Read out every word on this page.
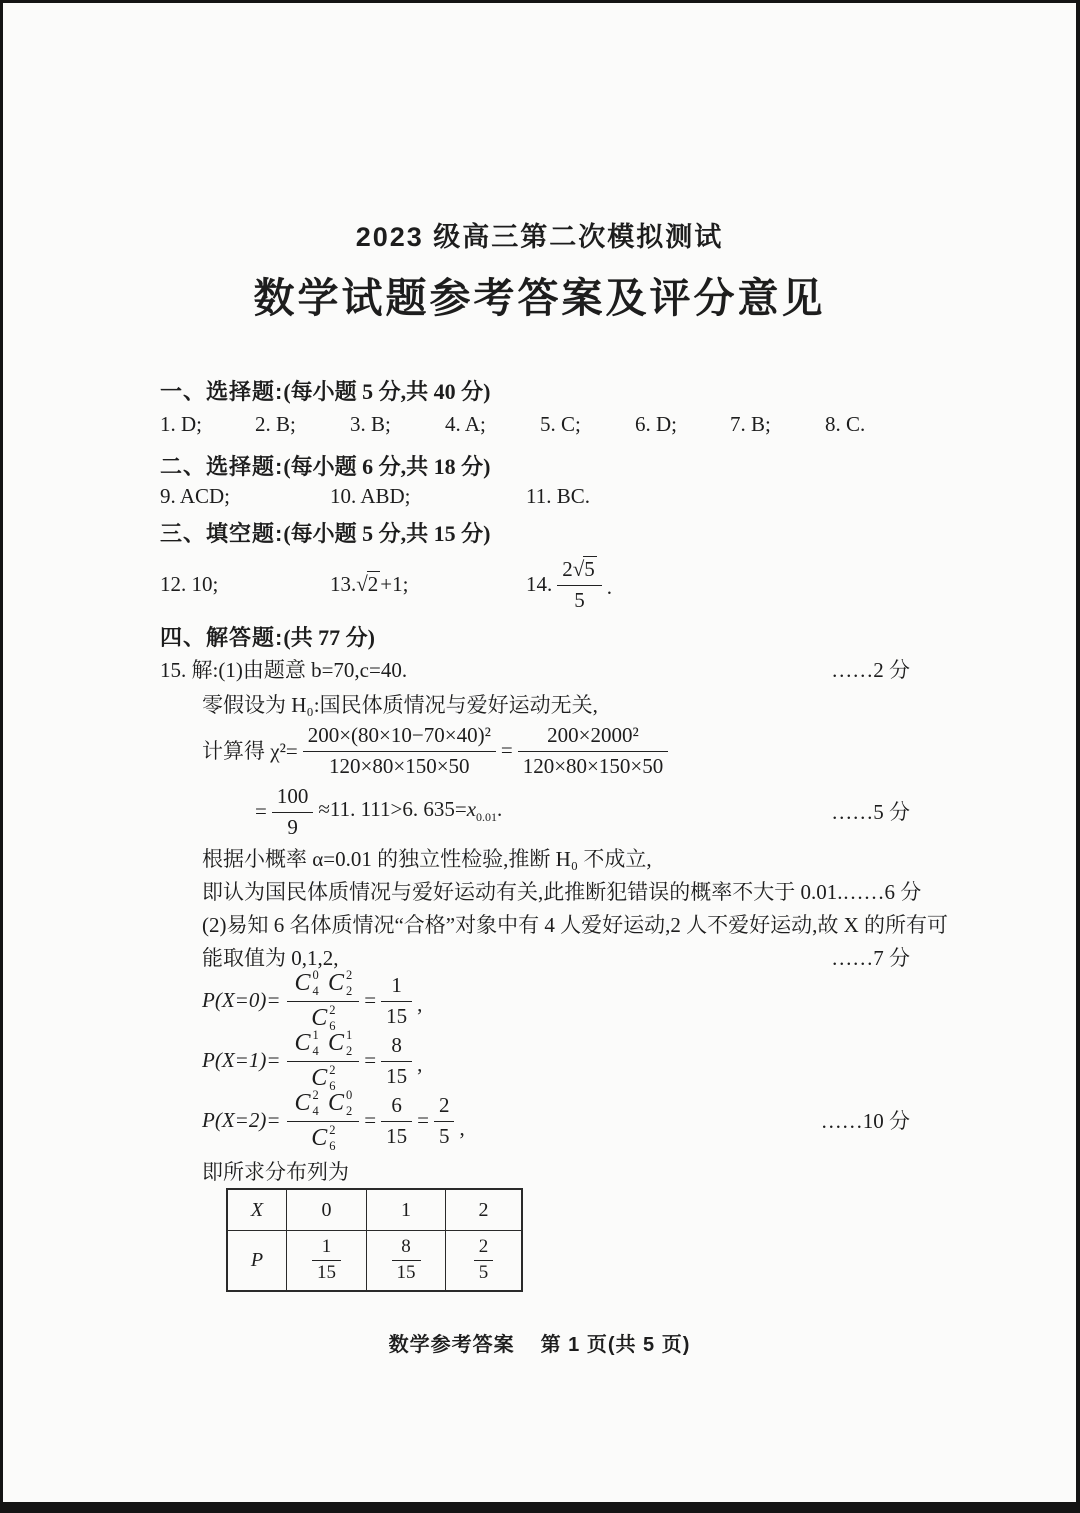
2023 级高三第二次模拟测试
数学试题参考答案及评分意见
一、选择题:(每小题 5 分,共 40 分)
1. D;	2. B;	3. B;	4. A;	5. C;	6. D;	7. B;	8. C.
二、选择题:(每小题 6 分,共 18 分)
9. ACD;	10. ABD;	11. BC.
三、填空题:(每小题 5 分,共 15 分)
12. 10;	13. √2 +1;	14. $\frac{2√5}{5}$ .
四、解答题:(共 77 分)
15. 解:(1)由题意 b=70,c=40.	……2 分
零假设为 H₀:国民体质情况与爱好运动无关,
计算得 $\chi^2= \frac{\text{200×(80×10−70×40)²}}{120\times 80\times 150\times 50} = \frac{\text{200×2000²}}{120\times 80\times 150\times 50}$
= $\frac{100}{9} \approx 11$. 111>6. $635=x_{0.01}$.	……5 分
根据小概率 α=0.01 的独立性检验,推断 H₀ 不成立,
即认为国民体质情况与爱好运动有关,此推断犯错误的概率不大于 0.01. ……6 分
(2)易知 6 名体质情况“合格”对象中有 4 人爱好运动,2 人不爱好运动,故 X 的所有可
能取值为 0,1,2,	……7 分
P(X=0)= C 0
4
C 2
2
C 2
$6 = \frac{1}{15}$ ,
P(X=1)= C 1
4
C 1
2
C 2
$6 = \frac{8}{15}$ ,
P(X=2)= C 2
4
C 0
2
C 2
$6 = \frac{6}{15} = \frac{2}{5}$ ,	……10 分
即所求分布列为
X	0	1	2
P	$\frac{1}{15}$	$\frac{8}{15}$	$\frac{2}{5}$
数学参考答案 第 1 页(共 5 页)
